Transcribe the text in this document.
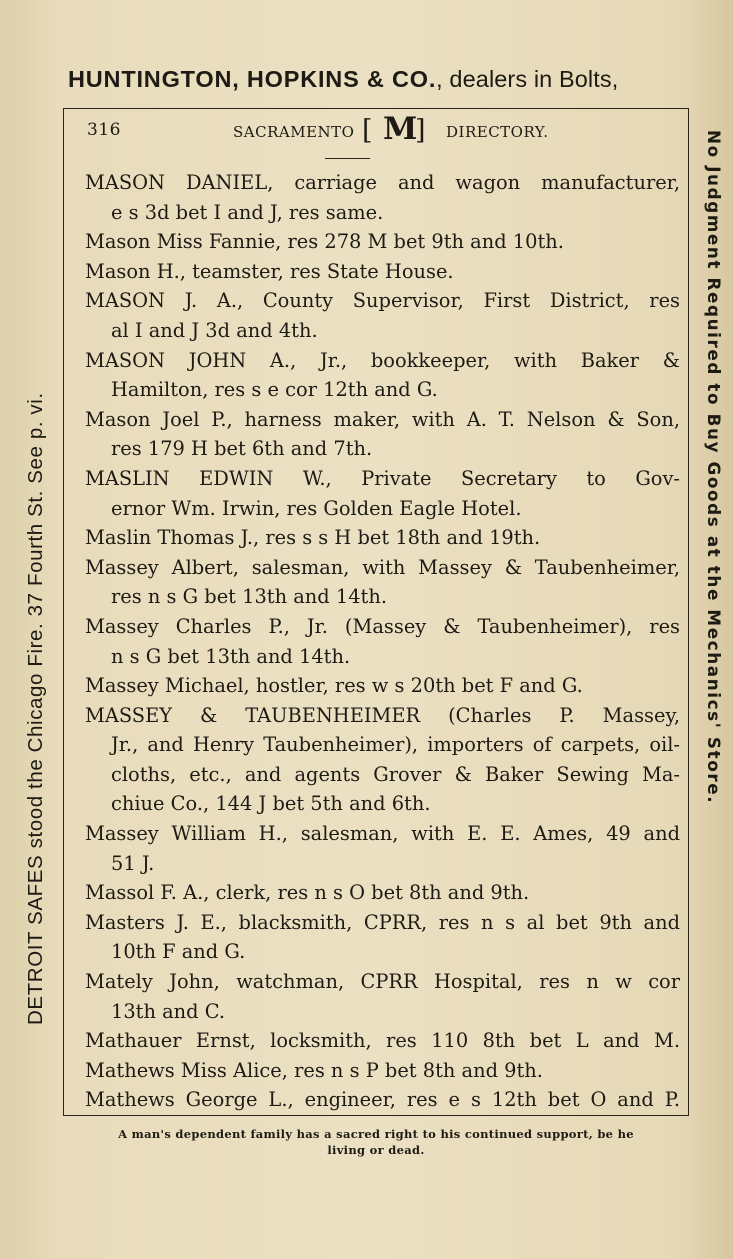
HUNTINGTON, HOPKINS & CO., dealers in Bolts,
316	SACRAMENTO [ M
] DIRECTORY.
MASON DANIEL, carriage and wagon manufacturer,
e s 3d bet I and J, res same.
Mason Miss Fannie, res 278 M bet 9th and 10th.
Mason H., teamster, res State House.
MASON J. A., County Supervisor, First District, res
al I and J 3d and 4th.
MASON JOHN A., Jr., bookkeeper, with Baker &
Hamilton, res s e cor 12th and G.
Mason Joel P., harness maker, with A. T. Nelson & Son,
res 179 H bet 6th and 7th.
MASLIN EDWIN W., Private Secretary to Gov-
ernor Wm. Irwin, res Golden Eagle Hotel.
Maslin Thomas J., res s s H bet 18th and 19th.
Massey Albert, salesman, with Massey & Taubenheimer,
res n s G bet 13th and 14th.
Massey Charles P., Jr. (Massey & Taubenheimer), res
n s G bet 13th and 14th.
Massey Michael, hostler, res w s 20th bet F and G.
MASSEY & TAUBENHEIMER (Charles P. Massey,
Jr., and Henry Taubenheimer), importers of carpets, oil-
cloths, etc., and agents Grover & Baker Sewing Ma-
chiue Co., 144 J bet 5th and 6th.
Massey William H., salesman, with E. E. Ames, 49 and
51 J.
Massol F. A., clerk, res n s O bet 8th and 9th.
Masters J. E., blacksmith, CPRR, res n s al bet 9th and
10th F and G.
Mately John, watchman, CPRR Hospital, res n w cor
13th and C.
Mathauer Ernst, locksmith, res 110 8th bet L and M.
Mathews Miss Alice, res n s P bet 8th and 9th.
Mathews George L., engineer, res e s 12th bet O and P.
A man's dependent family has a sacred right to his continued support, be he
living or dead.
DETROIT SAFES stood the Chicago Fire. 37 Fourth St. See p. vi.	No Judgment Required to Buy Goods at the Mechanics' Store.
